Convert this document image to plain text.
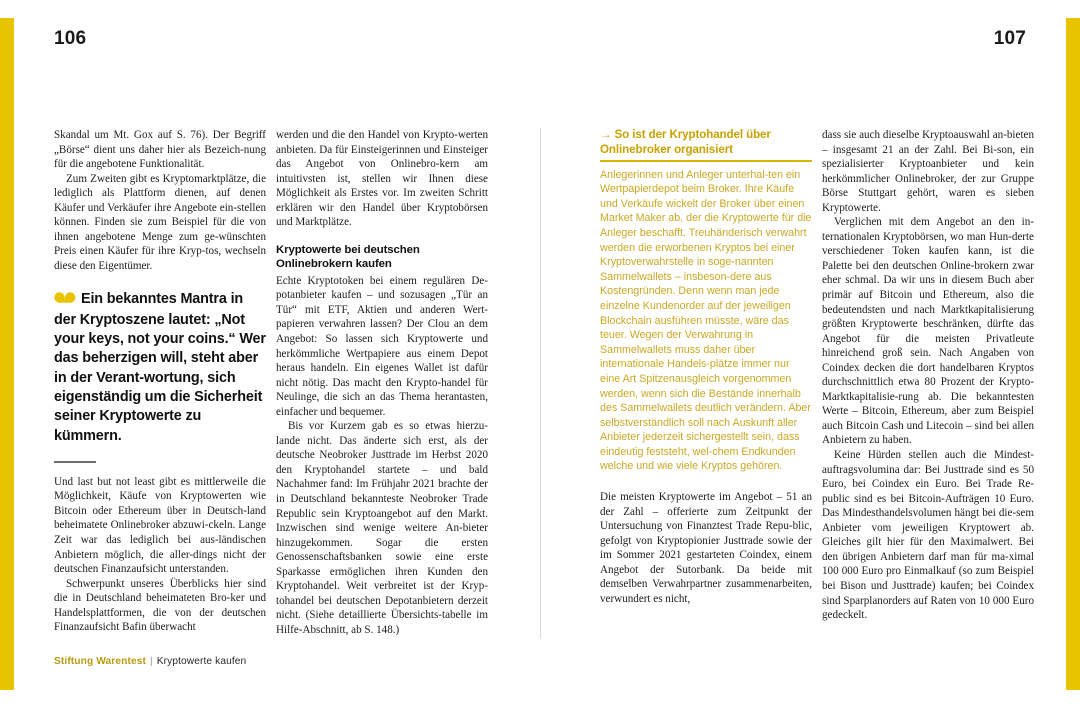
106	107

Skandal um Mt. Gox auf S. 76). Der Begriff „Börse“ dient uns daher hier als Bezeich-nung für die angebotene Funktionalität.

Zum Zweiten gibt es Kryptomarktplätze, die lediglich als Plattform dienen, auf denen Käufer und Verkäufer ihre Angebote ein-stellen können. Finden sie zum Beispiel für die von ihnen angebotene Menge zum ge-wünschten Preis einen Käufer für ihre Kryp-tos, wechseln diese den Eigentümer.

Ein bekanntes Mantra in der Kryptoszene lautet: „Not your keys, not your coins.“ Wer das beherzigen will, steht aber in der Verant-wortung, sich eigenständig um die Sicherheit seiner Kryptowerte zu kümmern.

Und last but not least gibt es mittlerweile die Möglichkeit, Käufe von Kryptowerten wie Bitcoin oder Ethereum über in Deutsch-land beheimatete Onlinebroker abzuwi-ckeln. Lange Zeit war das lediglich bei aus-ländischen Anbietern möglich, die aller-dings nicht der deutschen Finanzaufsicht unterstanden.

Schwerpunkt unseres Überblicks hier sind die in Deutschland beheimateten Bro-ker und Handelsplattformen, die von der deutschen Finanzaufsicht Bafin überwacht

werden und die den Handel von Krypto-werten anbieten. Da für Einsteigerinnen und Einsteiger das Angebot von Onlinebro-kern am intuitivsten ist, stellen wir Ihnen diese Möglichkeit als Erstes vor. Im zweiten Schritt erklären wir den Handel über Kryptobörsen und Marktplätze.

Kryptowerte bei deutschen Onlinebrokern kaufen

Echte Kryptotoken bei einem regulären De-potanbieter kaufen – und sozusagen „Tür an Tür“ mit ETF, Aktien und anderen Wert-papieren verwahren lassen? Der Clou an dem Angebot: So lassen sich Kryptowerte und herkömmliche Wertpapiere aus einem Depot heraus handeln. Ein eigenes Wallet ist dafür nicht nötig. Das macht den Krypto-handel für Neulinge, die sich an das Thema herantasten, einfacher und bequemer.

Bis vor Kurzem gab es so etwas hierzu-lande nicht. Das änderte sich erst, als der deutsche Neobroker Justtrade im Herbst 2020 den Kryptohandel startete – und bald Nachahmer fand: Im Frühjahr 2021 brachte der in Deutschland bekannteste Neobroker Trade Republic sein Kryptoangebot auf den Markt. Inzwischen sind wenige weitere An-bieter hinzugekommen. Sogar die ersten Genossenschaftsbanken sowie eine erste Sparkasse ermöglichen ihren Kunden den Kryptohandel. Weit verbreitet ist der Kryp-tohandel bei deutschen Depotanbietern derzeit nicht. (Siehe detaillierte Übersichts-tabelle im Hilfe-Abschnitt, ab S. 148.)

→ So ist der Kryptohandel über Onlinebroker organisiert

Anlegerinnen und Anleger unterhal-ten ein Wertpapierdepot beim Broker. Ihre Käufe und Verkäufe wickelt der Broker über einen Market Maker ab, der die Kryptowerte für die Anleger beschafft. Treuhänderisch verwahrt werden die erworbenen Kryptos bei einer Kryptoverwahrstelle in soge-nannten Sammelwallets – insbeson-dere aus Kostengründen. Denn wenn man jede einzelne Kundenorder auf der jeweiligen Blockchain ausführen müsste, wäre das teuer. Wegen der Verwahrung in Sammelwallets muss daher über internationale Handels-plätze immer nur eine Art Spitzenausgleich vorgenommen werden, wenn sich die Bestände innerhalb des Sammelwallets deutlich verändern. Aber selbstverständlich soll nach Auskunft aller Anbieter jederzeit sichergestellt sein, dass eindeutig feststeht, wel-chem Endkunden welche und wie viele Kryptos gehören.

Die meisten Kryptowerte im Angebot – 51 an der Zahl – offerierte zum Zeitpunkt der Untersuchung von Finanztest Trade Repu-blic, gefolgt von Kryptopionier Justtrade sowie der im Sommer 2021 gestarteten Coindex, einem Angebot der Sutorbank. Da beide mit demselben Verwahrpartner zusammenarbeiten, verwundert es nicht,

dass sie auch dieselbe Kryptoauswahl an-bieten – insgesamt 21 an der Zahl. Bei Bi-son, ein spezialisierter Kryptoanbieter und kein herkömmlicher Onlinebroker, der zur Gruppe Börse Stuttgart gehört, waren es sieben Kryptowerte.

Verglichen mit dem Angebot an den in-ternationalen Kryptobörsen, wo man Hun-derte verschiedener Token kaufen kann, ist die Palette bei den deutschen Online-brokern zwar eher schmal. Da wir uns in diesem Buch aber primär auf Bitcoin und Ethereum, also die bedeutendsten und nach Marktkapitalisierung größten Kryptowerte beschränken, dürfte das Angebot für die meisten Privatleute hinreichend groß sein. Nach Angaben von Coindex decken die dort handelbaren Kryptos durchschnittlich etwa 80 Prozent der Krypto-Marktkapitalisie-rung ab. Die bekanntesten Werte – Bitcoin, Ethereum, aber zum Beispiel auch Bitcoin Cash und Litecoin – sind bei allen Anbietern zu haben.

Keine Hürden stellen auch die Mindest-auftragsvolumina dar: Bei Justtrade sind es 50 Euro, bei Coindex ein Euro. Bei Trade Re-public sind es bei Bitcoin-Aufträgen 10 Euro. Das Mindesthandelsvolumen hängt bei die-sem Anbieter vom jeweiligen Kryptowert ab. Gleiches gilt hier für den Maximalwert. Bei den übrigen Anbietern darf man für ma-ximal 100 000 Euro pro Einmalkauf (so zum Beispiel bei Bison und Justtrade) kaufen; bei Coindex sind Sparplanorders auf Raten von 10 000 Euro gedeckelt.

Stiftung Warentest | Kryptowerte kaufen
